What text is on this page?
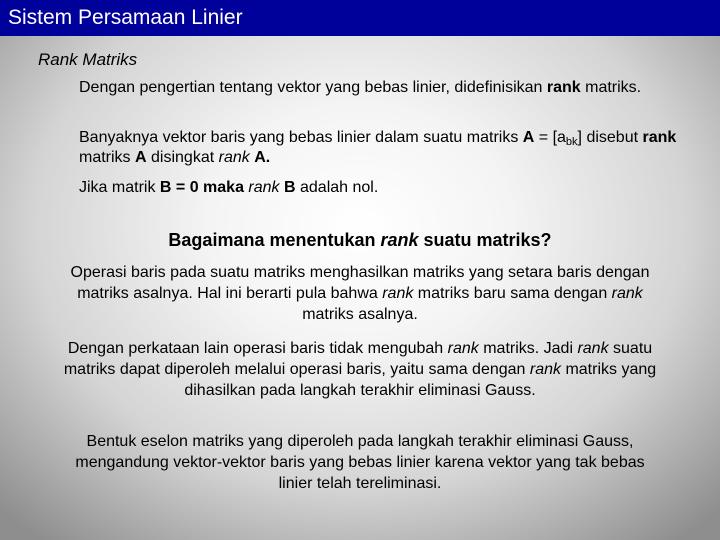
Sistem Persamaan Linier
Rank Matriks
Dengan pengertian tentang vektor yang bebas linier, didefinisikan rank matriks.
Banyaknya vektor baris yang bebas linier dalam suatu matriks $A = [a_{bk}]$ disebut rank matriks A disingkat rank A.
Jika matrik B = 0 maka rank B adalah nol.
Bagaimana menentukan rank suatu matriks?
Operasi baris pada suatu matriks menghasilkan matriks yang setara baris dengan matriks asalnya. Hal ini berarti pula bahwa rank matriks baru sama dengan rank matriks asalnya.
Dengan perkataan lain operasi baris tidak mengubah rank matriks. Jadi rank suatu matriks dapat diperoleh melalui operasi baris, yaitu sama dengan rank matriks yang dihasilkan pada langkah terakhir eliminasi Gauss.
Bentuk eselon matriks yang diperoleh pada langkah terakhir eliminasi Gauss, mengandung vektor-vektor baris yang bebas linier karena vektor yang tak bebas linier telah tereliminasi.
